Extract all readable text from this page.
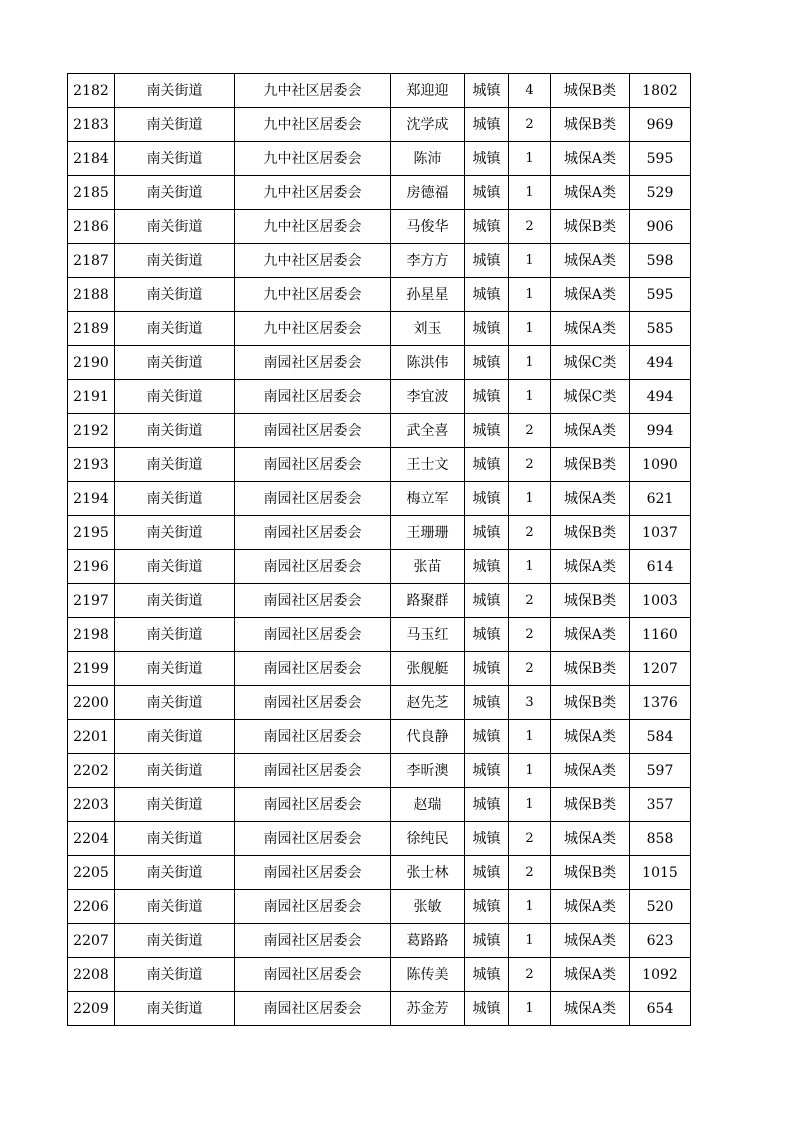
2182	南关街道	九中社区居委会	郑迎迎	城镇	4	城保B类	1802
2183	南关街道	九中社区居委会	沈学成	城镇	2	城保B类	969
2184	南关街道	九中社区居委会	陈沛	城镇	1	城保A类	595
2185	南关街道	九中社区居委会	房德福	城镇	1	城保A类	529
2186	南关街道	九中社区居委会	马俊华	城镇	2	城保B类	906
2187	南关街道	九中社区居委会	李方方	城镇	1	城保A类	598
2188	南关街道	九中社区居委会	孙星星	城镇	1	城保A类	595
2189	南关街道	九中社区居委会	刘玉	城镇	1	城保A类	585
2190	南关街道	南园社区居委会	陈洪伟	城镇	1	城保C类	494
2191	南关街道	南园社区居委会	李宜波	城镇	1	城保C类	494
2192	南关街道	南园社区居委会	武全喜	城镇	2	城保A类	994
2193	南关街道	南园社区居委会	王士文	城镇	2	城保B类	1090
2194	南关街道	南园社区居委会	梅立军	城镇	1	城保A类	621
2195	南关街道	南园社区居委会	王珊珊	城镇	2	城保B类	1037
2196	南关街道	南园社区居委会	张苗	城镇	1	城保A类	614
2197	南关街道	南园社区居委会	路聚群	城镇	2	城保B类	1003
2198	南关街道	南园社区居委会	马玉红	城镇	2	城保A类	1160
2199	南关街道	南园社区居委会	张舰艇	城镇	2	城保B类	1207
2200	南关街道	南园社区居委会	赵先芝	城镇	3	城保B类	1376
2201	南关街道	南园社区居委会	代良静	城镇	1	城保A类	584
2202	南关街道	南园社区居委会	李昕澳	城镇	1	城保A类	597
2203	南关街道	南园社区居委会	赵瑞	城镇	1	城保B类	357
2204	南关街道	南园社区居委会	徐纯民	城镇	2	城保A类	858
2205	南关街道	南园社区居委会	张士林	城镇	2	城保B类	1015
2206	南关街道	南园社区居委会	张敏	城镇	1	城保A类	520
2207	南关街道	南园社区居委会	葛路路	城镇	1	城保A类	623
2208	南关街道	南园社区居委会	陈传美	城镇	2	城保A类	1092
2209	南关街道	南园社区居委会	苏金芳	城镇	1	城保A类	654
